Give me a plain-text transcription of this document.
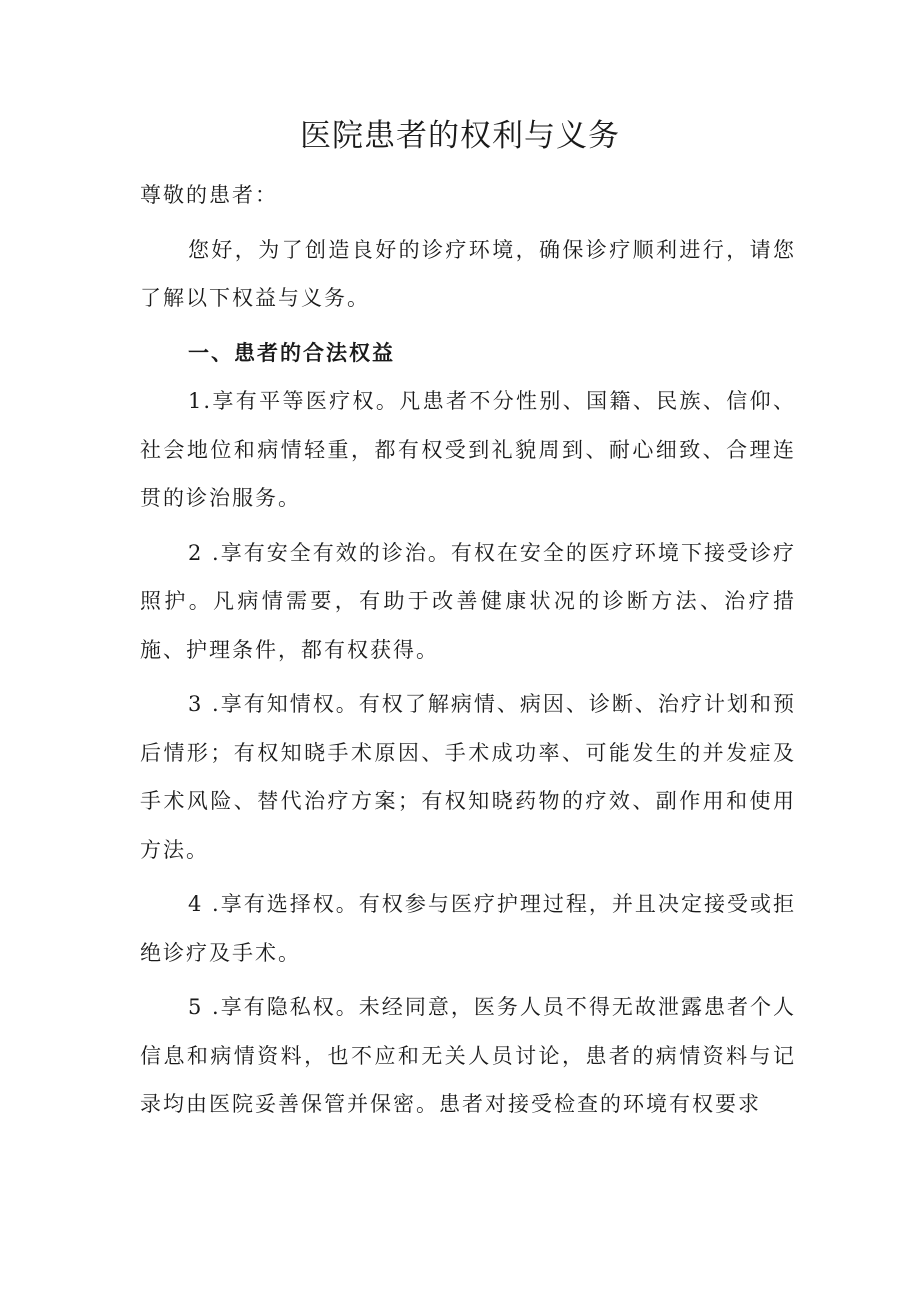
医院患者的权利与义务

尊敬的患者：

您好，为了创造良好的诊疗环境，确保诊疗顺利进行，请您了解以下权益与义务。

一、患者的合法权益

1.享有平等医疗权。凡患者不分性别、国籍、民族、信仰、社会地位和病情轻重，都有权受到礼貌周到、耐心细致、合理连贯的诊治服务。

2 .享有安全有效的诊治。有权在安全的医疗环境下接受诊疗照护。凡病情需要，有助于改善健康状况的诊断方法、治疗措施、护理条件，都有权获得。

3 .享有知情权。有权了解病情、病因、诊断、治疗计划和预后情形；有权知晓手术原因、手术成功率、可能发生的并发症及手术风险、替代治疗方案；有权知晓药物的疗效、副作用和使用方法。

4 .享有选择权。有权参与医疗护理过程，并且决定接受或拒绝诊疗及手术。

5 .享有隐私权。未经同意，医务人员不得无故泄露患者个人信息和病情资料，也不应和无关人员讨论，患者的病情资料与记录均由医院妥善保管并保密。患者对接受检查的环境有权要求
